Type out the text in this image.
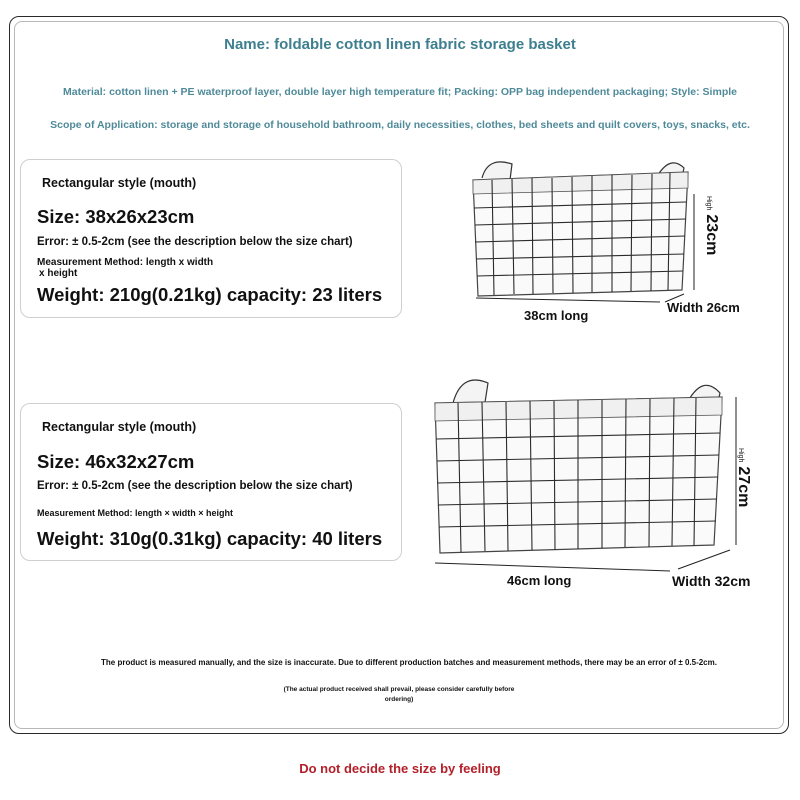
Name: foldable cotton linen fabric storage basket
Material: cotton linen + PE waterproof layer, double layer high temperature fit; Packing: OPP bag independent packaging; Style: Simple
Scope of Application: storage and storage of household bathroom, daily necessities, clothes, bed sheets and quilt covers, toys, snacks, etc.
Rectangular style (mouth)
Size: 38x26x23cm
Error: ± 0.5-2cm (see the description below the size chart)
Measurement Method: length x width
x height
Weight: 210g(0.21kg) capacity: 23 liters
Rectangular style (mouth)
Size: 46x32x27cm
Error: ± 0.5-2cm (see the description below the size chart)
Measurement Method: length × width × height
Weight: 310g(0.31kg) capacity: 40 liters
38cm long
Width 26cm
High23cm
46cm long	Width 32cm
High27cm
The product is measured manually, and the size is inaccurate. Due to different production batches and measurement methods, there may be an error of ± 0.5-2cm.
(The actual product received shall prevail, please consider carefully before ordering)
Do not decide the size by feeling
